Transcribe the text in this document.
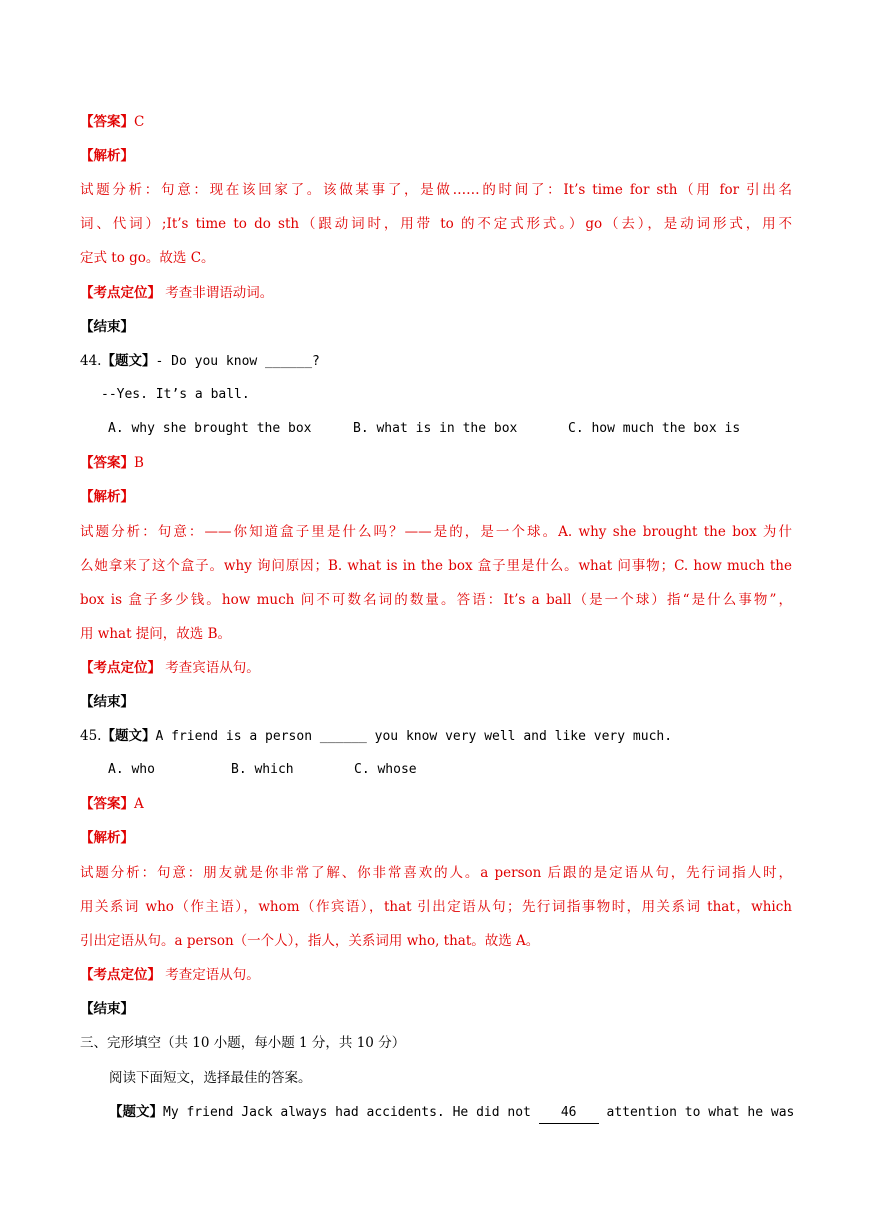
【答案】C
【解析】
试题分析：句意：现在该回家了。该做某事了，是做……的时间了：It’s time for sth（用 for 引出名
词、代词）;It’s time to do sth（跟动词时，用带 to 的不定式形式。）go（去），是动词形式，用不
定式 to go。故选 C。
【考点定位】 考查非谓语动词。
【结束】
44.【题文】- Do you know ______?
--Yes. It’s a ball.
A. why she brought the box	B. what is in the box	C. how much the box is
【答案】B
【解析】
试题分析：句意：——你知道盒子里是什么吗？——是的，是一个球。A. why she brought the box 为什
么她拿来了这个盒子。why 询问原因；B. what is in the box 盒子里是什么。what 问事物；C. how much the
box is 盒子多少钱。how much 问不可数名词的数量。答语：It’s a ball（是一个球）指“是什么事物”，
用 what 提问，故选 B。
【考点定位】 考查宾语从句。
【结束】
45.【题文】A friend is a person ______ you know very well and like very much.
A. who	B. which	C. whose
【答案】A
【解析】
试题分析：句意：朋友就是你非常了解、你非常喜欢的人。a person 后跟的是定语从句，先行词指人时，
用关系词 who（作主语），whom（作宾语），that 引出定语从句；先行词指事物时，用关系词 that，which
引出定语从句。a person（一个人），指人，关系词用 who, that。故选 A。
【考点定位】 考查定语从句。
【结束】
三、完形填空（共 10 小题，每小题 1 分，共 10 分）
阅读下面短文，选择最佳的答案。
【题文】My friend Jack always had accidents. He did not 46 attention to what he was
